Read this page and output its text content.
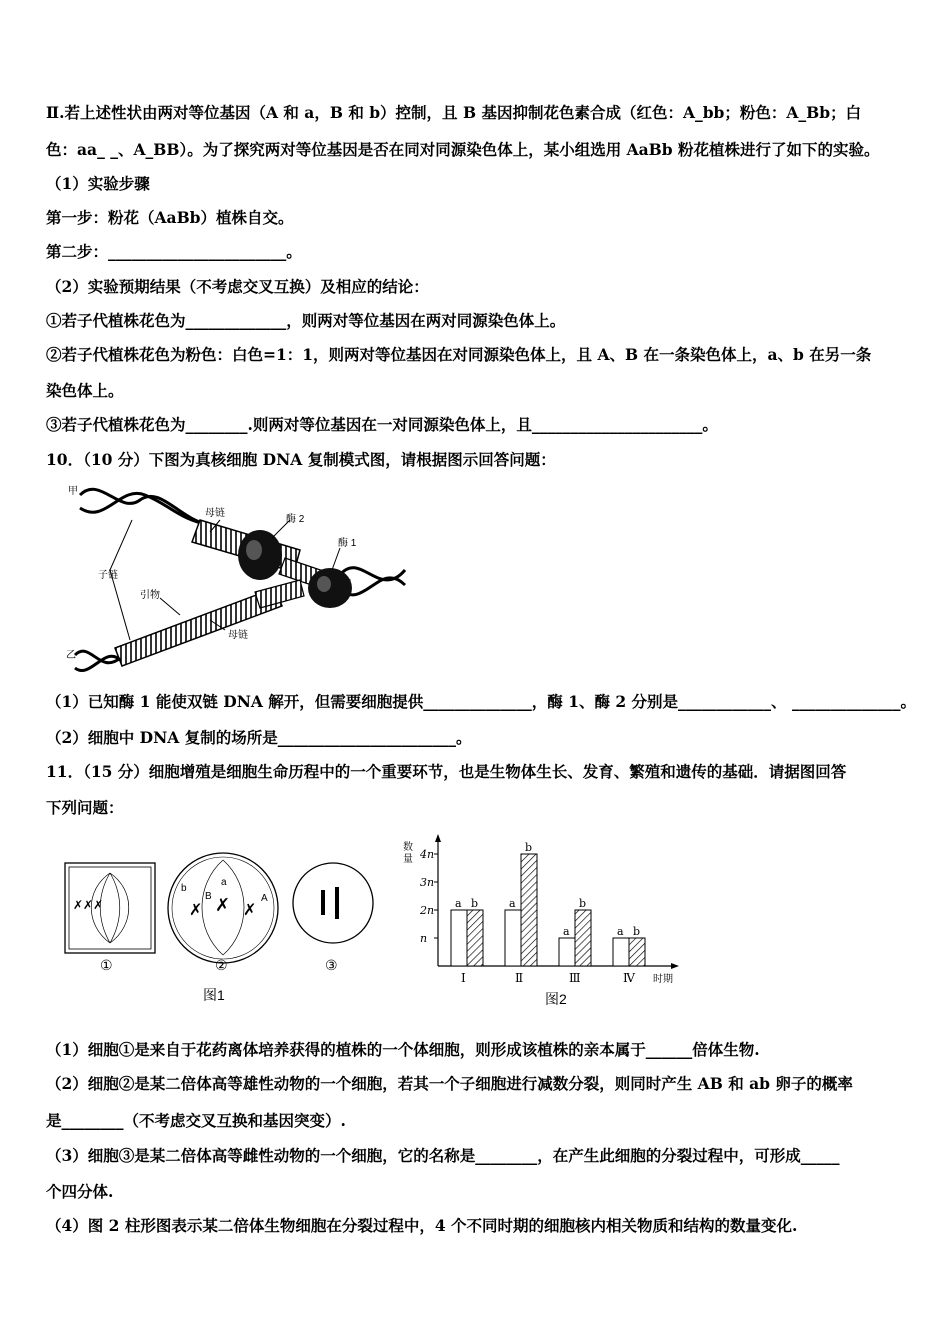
Ⅱ.若上述性状由两对等位基因（A 和 a，B 和 b）控制，且 B 基因抑制花色素合成（红色：A_bb；粉色：A_Bb；白
色：aa_ _、A_BB）。为了探究两对等位基因是否在同对同源染色体上，某小组选用 AaBb 粉花植株进行了如下的实验。
（1）实验步骤
第一步：粉花（AaBb）植株自交。
第二步：_______________________。
（2）实验预期结果（不考虑交叉互换）及相应的结论：
①若子代植株花色为_____________，则两对等位基因在两对同源染色体上。
②若子代植株花色为粉色：白色=1：1，则两对等位基因在对同源染色体上，且 A、B 在一条染色体上，a、b 在另一条
染色体上。
③若子代植株花色为________.则两对等位基因在一对同源染色体上，且______________________。
10．（10 分）下图为真核细胞 DNA 复制模式图，请根据图示回答问题：
甲
乙
母链
酶 2
酶 1
子链
引物
母链
（1）已知酶 1 能使双链 DNA 解开，但需要细胞提供______________，酶 1、酶 2 分别是____________、 ______________。
（2）细胞中 DNA 复制的场所是_______________________。
11．（15 分）细胞增殖是细胞生命历程中的一个重要环节，也是生物体生长、发育、繁殖和遗传的基础．请据图回答
下列问题：
✗✗✗
①
✗ ✗ ✗
b
B
a
A
②	③
图1
数
量
时期
n
2n
3n
4n
a b
Ⅰ
a
b
Ⅱ
a
b
Ⅲ
a b
Ⅳ
图2
（1）细胞①是来自于花药离体培养获得的植株的一个体细胞，则形成该植株的亲本属于______倍体生物.
（2）细胞②是某二倍体高等雄性动物的一个细胞，若其一个子细胞进行减数分裂，则同时产生 AB 和 ab 卵子的概率
是________（不考虑交叉互换和基因突变）.
（3）细胞③是某二倍体高等雌性动物的一个细胞，它的名称是________，在产生此细胞的分裂过程中，可形成_____
个四分体.
（4）图 2 柱形图表示某二倍体生物细胞在分裂过程中，4 个不同时期的细胞核内相关物质和结构的数量变化.
